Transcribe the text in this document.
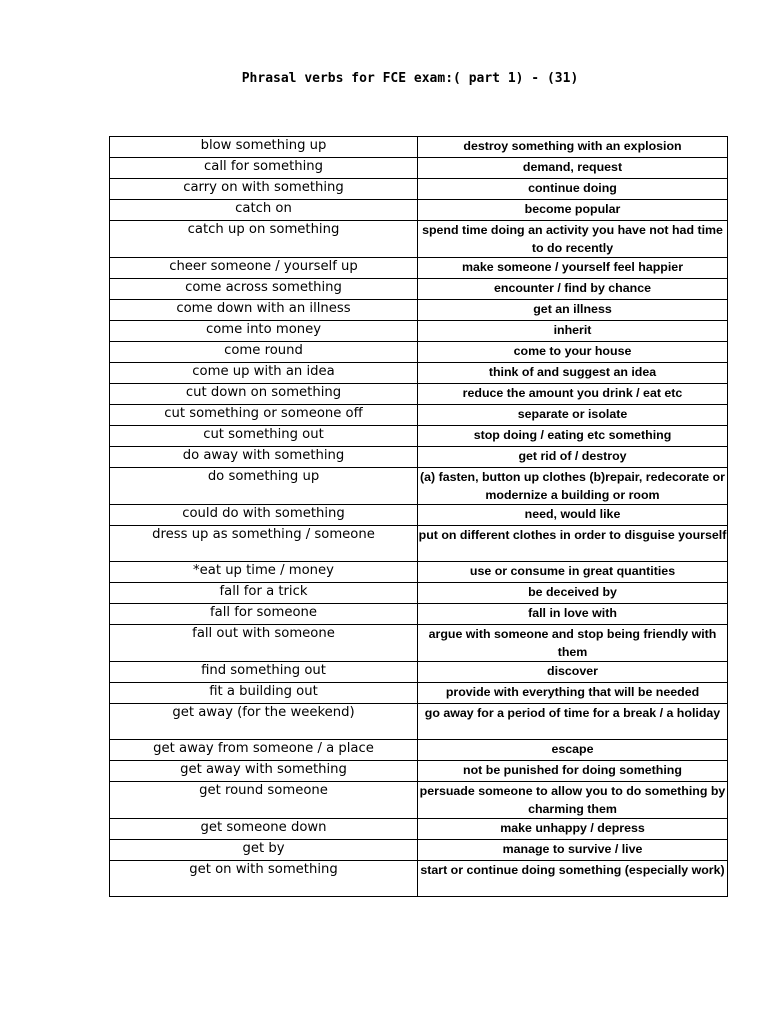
Phrasal verbs for FCE exam:( part 1) - (31)
blow something up	destroy something with an explosion
call for something	demand, request
carry on with something	continue doing
catch on	become popular
catch up on something	spend time doing an activity you have not had time to do recently
cheer someone / yourself up	make someone / yourself feel happier
come across something	encounter / find by chance
come down with an illness	get an illness
come into money	inherit
come round	come to your house
come up with an idea	think of and suggest an idea
cut down on something	reduce the amount you drink / eat etc
cut something or someone off	separate or isolate
cut something out	stop doing / eating etc something
do away with something	get rid of / destroy
do something up	(a) fasten, button up clothes (b)repair, redecorate or modernize a building or room
could do with something	need, would like
dress up as something / someone	put on different clothes in order to disguise yourself
*eat up time / money	use or consume in great quantities
fall for a trick	be deceived by
fall for someone	fall in love with
fall out with someone	argue with someone and stop being friendly with them
find something out	discover
fit a building out	provide with everything that will be needed
get away (for the weekend)	go away for a period of time for a break / a holiday
get away from someone / a place	escape
get away with something	not be punished for doing something
get round someone	persuade someone to allow you to do something by charming them
get someone down	make unhappy / depress
get by	manage to survive / live
get on with something	start or continue doing something (especially work)
